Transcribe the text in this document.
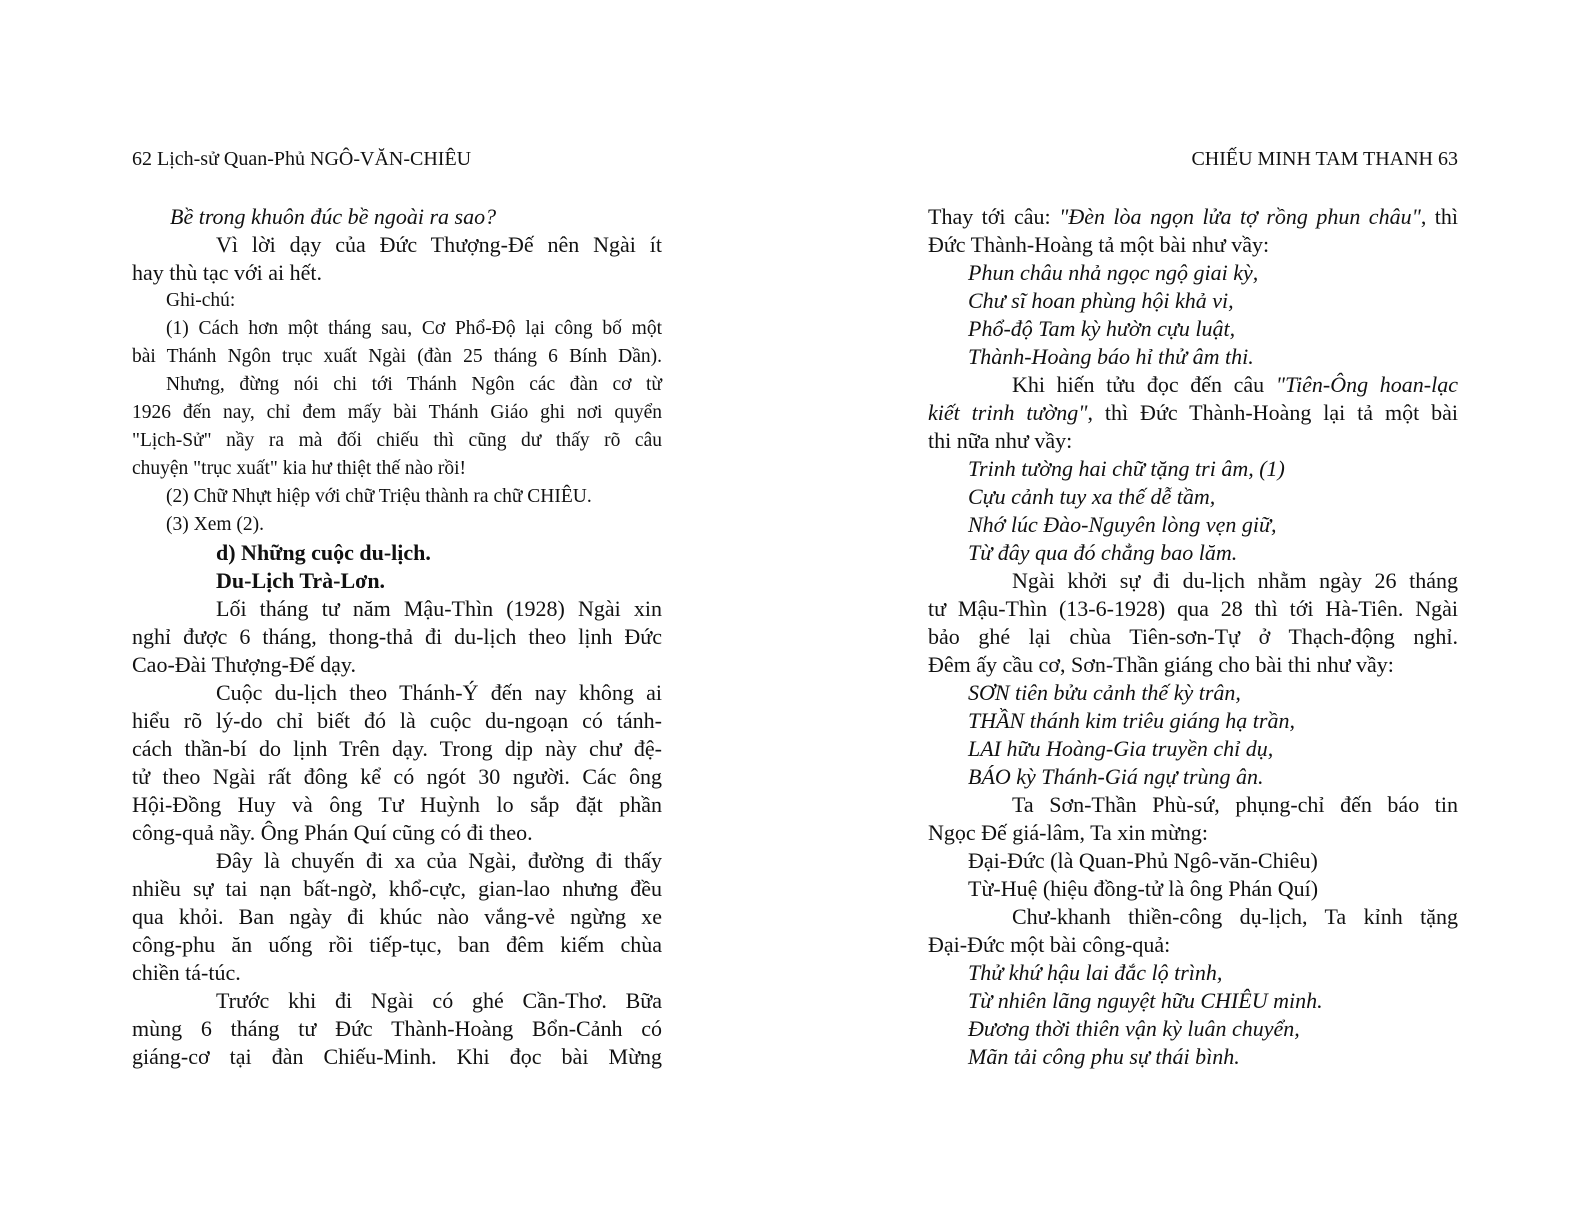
62 Lịch-sử Quan-Phủ NGÔ-VĂN-CHIÊU
Bề trong khuôn đúc bề ngoài ra sao?
Vì lời dạy của Đức Thượng-Đế nên Ngài ít
hay thù tạc với ai hết.
Ghi-chú:
(1) Cách hơn một tháng sau, Cơ Phổ-Độ lại công bố một
bài Thánh Ngôn trục xuất Ngài (đàn 25 tháng 6 Bính Dần).
Nhưng, đừng nói chi tới Thánh Ngôn các đàn cơ từ
1926 đến nay, chỉ đem mấy bài Thánh Giáo ghi nơi quyển
"Lịch-Sử" nầy ra mà đối chiếu thì cũng dư thấy rõ câu
chuyện "trục xuất" kia hư thiệt thế nào rồi!
(2) Chữ Nhựt hiệp với chữ Triệu thành ra chữ CHIÊU.
(3) Xem (2).
d) Những cuộc du-lịch.
Du-Lịch Trà-Lơn.
Lối tháng tư năm Mậu-Thìn (1928) Ngài xin
nghỉ được 6 tháng, thong-thả đi du-lịch theo lịnh Đức
Cao-Đài Thượng-Đế dạy.
Cuộc du-lịch theo Thánh-Ý đến nay không ai
hiểu rõ lý-do chỉ biết đó là cuộc du-ngoạn có tánh-
cách thần-bí do lịnh Trên dạy. Trong dịp này chư đệ-
tử theo Ngài rất đông kể có ngót 30 người. Các ông
Hội-Đồng Huy và ông Tư Huỳnh lo sắp đặt phần
công-quả nầy. Ông Phán Quí cũng có đi theo.
Đây là chuyến đi xa của Ngài, đường đi thấy
nhiều sự tai nạn bất-ngờ, khổ-cực, gian-lao nhưng đều
qua khỏi. Ban ngày đi khúc nào vắng-vẻ ngừng xe
công-phu ăn uống rồi tiếp-tục, ban đêm kiếm chùa
chiền tá-túc.
Trước khi đi Ngài có ghé Cần-Thơ. Bữa
mùng 6 tháng tư Đức Thành-Hoàng Bổn-Cảnh có
giáng-cơ tại đàn Chiếu-Minh. Khi đọc bài Mừng
CHIẾU MINH TAM THANH 63
Thay tới câu: "Đèn lòa ngọn lửa tợ rồng phun châu", thì
Đức Thành-Hoàng tả một bài như vầy:
Phun châu nhả ngọc ngộ giai kỳ,
Chư sĩ hoan phùng hội khả vi,
Phổ-độ Tam kỳ hườn cựu luật,
Thành-Hoàng báo hỉ thử âm thi.
Khi hiến tửu đọc đến câu "Tiên-Ông hoan-lạc
kiết trinh tường", thì Đức Thành-Hoàng lại tả một bài
thi nữa như vầy:
Trinh tường hai chữ tặng tri âm, (1)
Cựu cảnh tuy xa thế dễ tầm,
Nhớ lúc Đào-Nguyên lòng vẹn giữ,
Từ đây qua đó chẳng bao lăm.
Ngài khởi sự đi du-lịch nhằm ngày 26 tháng
tư Mậu-Thìn (13-6-1928) qua 28 thì tới Hà-Tiên. Ngài
bảo ghé lại chùa Tiên-sơn-Tự ở Thạch-động nghỉ.
Đêm ấy cầu cơ, Sơn-Thần giáng cho bài thi như vầy:
SƠN tiên bửu cảnh thế kỳ trân,
THẦN thánh kim triêu giáng hạ trần,
LAI hữu Hoàng-Gia truyền chỉ dụ,
BÁO kỳ Thánh-Giá ngự trùng ân.
Ta Sơn-Thần Phù-sứ, phụng-chỉ đến báo tin
Ngọc Đế giá-lâm, Ta xin mừng:
Đại-Đức (là Quan-Phủ Ngô-văn-Chiêu)
Từ-Huệ (hiệu đồng-tử là ông Phán Quí)
Chư-khanh thiền-công dụ-lịch, Ta kỉnh tặng
Đại-Đức một bài công-quả:
Thử khứ hậu lai đắc lộ trình,
Từ nhiên lãng nguyệt hữu CHIÊU minh.
Đương thời thiên vận kỳ luân chuyển,
Mãn tải công phu sự thái bình.
